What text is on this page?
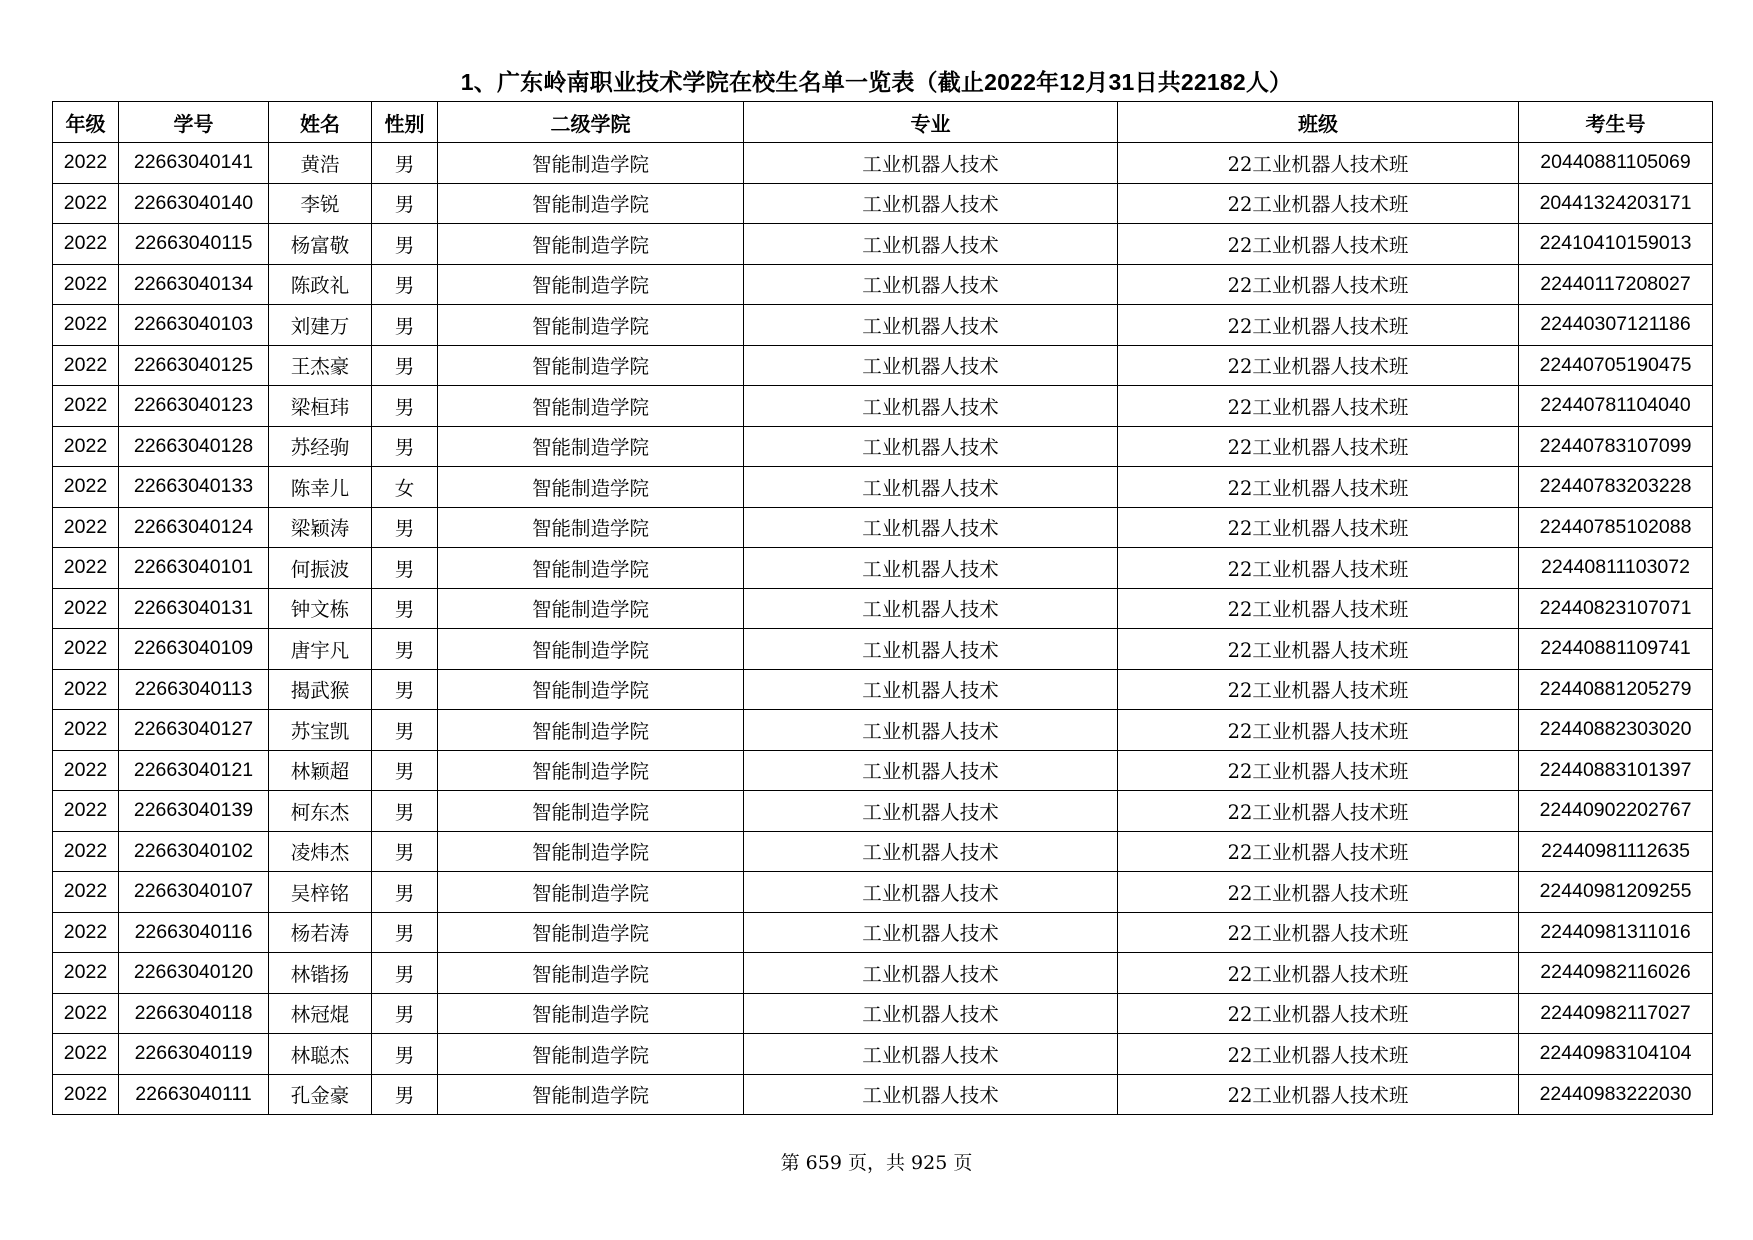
1、广东岭南职业技术学院在校生名单一览表（截止2022年12月31日共22182人）
年级	学号	姓名	性别	二级学院	专业	班级	考生号
2022	22663040141	黄浩	男	智能制造学院	工业机器人技术	22工业机器人技术班	20440881105069
2022	22663040140	李锐	男	智能制造学院	工业机器人技术	22工业机器人技术班	20441324203171
2022	22663040115	杨富敬	男	智能制造学院	工业机器人技术	22工业机器人技术班	22410410159013
2022	22663040134	陈政礼	男	智能制造学院	工业机器人技术	22工业机器人技术班	22440117208027
2022	22663040103	刘建万	男	智能制造学院	工业机器人技术	22工业机器人技术班	22440307121186
2022	22663040125	王杰豪	男	智能制造学院	工业机器人技术	22工业机器人技术班	22440705190475
2022	22663040123	梁桓玮	男	智能制造学院	工业机器人技术	22工业机器人技术班	22440781104040
2022	22663040128	苏经驹	男	智能制造学院	工业机器人技术	22工业机器人技术班	22440783107099
2022	22663040133	陈幸儿	女	智能制造学院	工业机器人技术	22工业机器人技术班	22440783203228
2022	22663040124	梁颖涛	男	智能制造学院	工业机器人技术	22工业机器人技术班	22440785102088
2022	22663040101	何振波	男	智能制造学院	工业机器人技术	22工业机器人技术班	22440811103072
2022	22663040131	钟文栋	男	智能制造学院	工业机器人技术	22工业机器人技术班	22440823107071
2022	22663040109	唐宇凡	男	智能制造学院	工业机器人技术	22工业机器人技术班	22440881109741
2022	22663040113	揭武猴	男	智能制造学院	工业机器人技术	22工业机器人技术班	22440881205279
2022	22663040127	苏宝凯	男	智能制造学院	工业机器人技术	22工业机器人技术班	22440882303020
2022	22663040121	林颖超	男	智能制造学院	工业机器人技术	22工业机器人技术班	22440883101397
2022	22663040139	柯东杰	男	智能制造学院	工业机器人技术	22工业机器人技术班	22440902202767
2022	22663040102	凌炜杰	男	智能制造学院	工业机器人技术	22工业机器人技术班	22440981112635
2022	22663040107	吴梓铭	男	智能制造学院	工业机器人技术	22工业机器人技术班	22440981209255
2022	22663040116	杨若涛	男	智能制造学院	工业机器人技术	22工业机器人技术班	22440981311016
2022	22663040120	林锴扬	男	智能制造学院	工业机器人技术	22工业机器人技术班	22440982116026
2022	22663040118	林冠焜	男	智能制造学院	工业机器人技术	22工业机器人技术班	22440982117027
2022	22663040119	林聪杰	男	智能制造学院	工业机器人技术	22工业机器人技术班	22440983104104
2022	22663040111	孔金豪	男	智能制造学院	工业机器人技术	22工业机器人技术班	22440983222030
第 659 页，共 925 页
